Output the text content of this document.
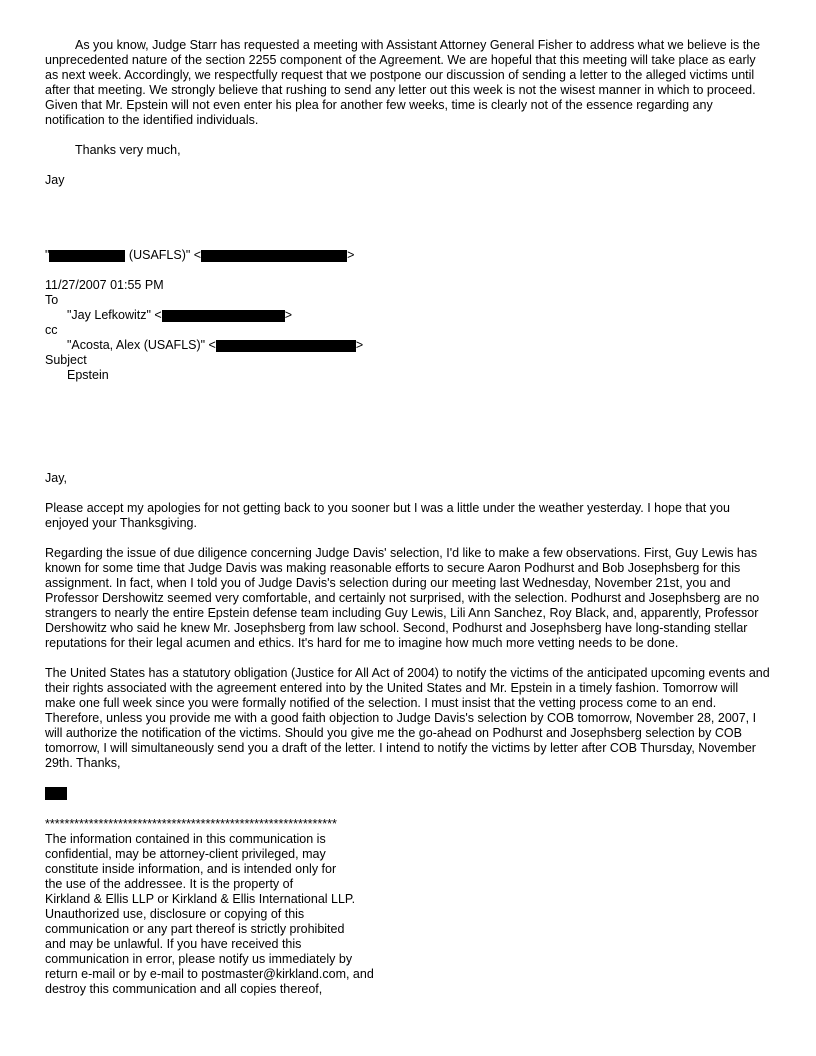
As you know, Judge Starr has requested a meeting with Assistant Attorney General Fisher to address what we believe is the unprecedented nature of the section 2255 component of the Agreement. We are hopeful that this meeting will take place as early as next week. Accordingly, we respectfully request that we postpone our discussion of sending a letter to the alleged victims until after that meeting. We strongly believe that rushing to send any letter out this week is not the wisest manner in which to proceed. Given that Mr. Epstein will not even enter his plea for another few weeks, time is clearly not of the essence regarding any notification to the identified individuals.

Thanks very much,

Jay

"	(USAFLS)" <	>

11/27/2007 01:55 PM

To

"Jay Lefkowitz" <	>

cc

"Acosta, Alex (USAFLS)" <	>

Subject

Epstein

Jay,

Please accept my apologies for not getting back to you sooner but I was a little under the weather yesterday. I hope that you enjoyed your Thanksgiving.

Regarding the issue of due diligence concerning Judge Davis' selection, I'd like to make a few observations. First, Guy Lewis has known for some time that Judge Davis was making reasonable efforts to secure Aaron Podhurst and Bob Josephsberg for this assignment. In fact, when I told you of Judge Davis's selection during our meeting last Wednesday, November 21st, you and Professor Dershowitz seemed very comfortable, and certainly not surprised, with the selection. Podhurst and Josephsberg are no strangers to nearly the entire Epstein defense team including Guy Lewis, Lili Ann Sanchez, Roy Black, and, apparently, Professor Dershowitz who said he knew Mr. Josephsberg from law school. Second, Podhurst and Josephsberg have long-standing stellar reputations for their legal acumen and ethics. It's hard for me to imagine how much more vetting needs to be done.

The United States has a statutory obligation (Justice for All Act of 2004) to notify the victims of the anticipated upcoming events and their rights associated with the agreement entered into by the United States and Mr. Epstein in a timely fashion. Tomorrow will make one full week since you were formally notified of the selection. I must insist that the vetting process come to an end. Therefore, unless you provide me with a good faith objection to Judge Davis's selection by COB tomorrow, November 28, 2007, I will authorize the notification of the victims. Should you give me the go-ahead on Podhurst and Josephsberg selection by COB tomorrow, I will simultaneously send you a draft of the letter. I intend to notify the victims by letter after COB Thursday, November 29th. Thanks,

************************************************************

The information contained in this communication is

confidential, may be attorney-client privileged, may

constitute inside information, and is intended only for

the use of the addressee. It is the property of

Kirkland & Ellis LLP or Kirkland & Ellis International LLP.

Unauthorized use, disclosure or copying of this

communication or any part thereof is strictly prohibited

and may be unlawful. If you have received this

communication in error, please notify us immediately by

return e-mail or by e-mail to postmaster@kirkland.com, and

destroy this communication and all copies thereof,
